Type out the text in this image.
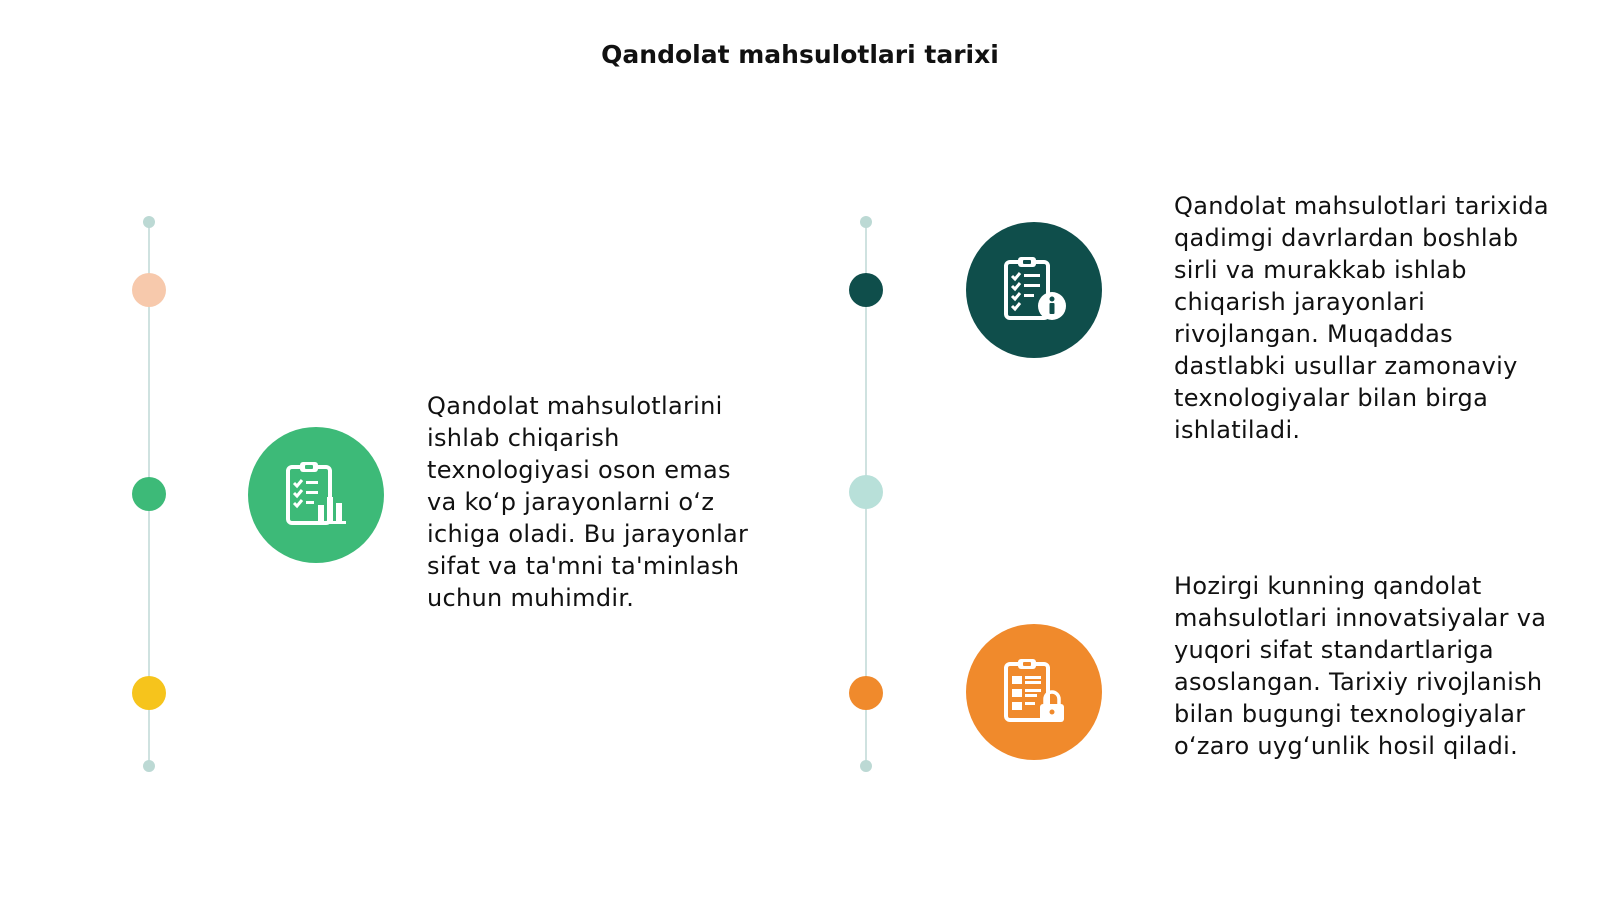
Qandolat mahsulotlari tarixi

Qandolat mahsulotlarini ishlab chiqarish texnologiyasi oson emas va koʻp jarayonlarni oʻz ichiga oladi. Bu jarayonlar sifat va ta'mni ta'minlash uchun muhimdir.

Qandolat mahsulotlari tarixida qadimgi davrlardan boshlab sirli va murakkab ishlab chiqarish jarayonlari rivojlangan. Muqaddas dastlabki usullar zamonaviy texnologiyalar bilan birga ishlatiladi.

Hozirgi kunning qandolat mahsulotlari innovatsiyalar va yuqori sifat standartlariga asoslangan. Tarixiy rivojlanish bilan bugungi texnologiyalar oʻzaro uygʻunlik hosil qiladi.
